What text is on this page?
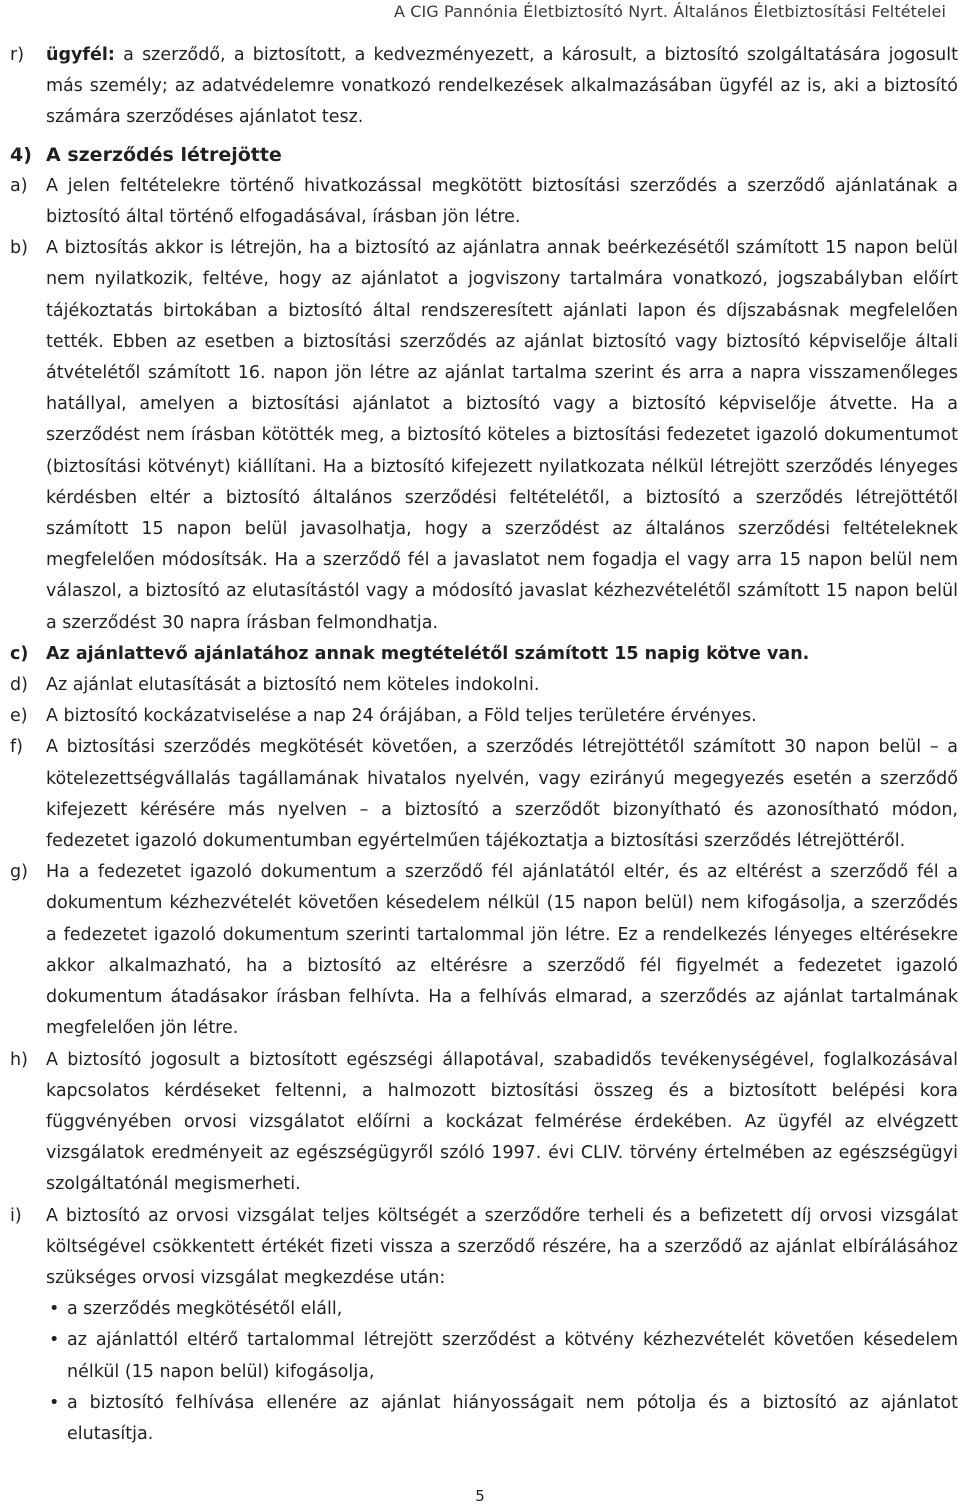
A CIG Pannónia Életbiztosító Nyrt. Általános Életbiztosítási Feltételei
r) ügyfél: a szerződő, a biztosított, a kedvezményezett, a károsult, a biztosító szolgáltatására jogosult más személy; az adatvédelemre vonatkozó rendelkezések alkalmazásában ügyfél az is, aki a biztosító számára szerződéses ajánlatot tesz.
4) A szerződés létrejötte
a) A jelen feltételekre történő hivatkozással megkötött biztosítási szerződés a szerződő ajánlatának a biztosító által történő elfogadásával, írásban jön létre.
b) A biztosítás akkor is létrejön, ha a biztosító az ajánlatra annak beérkezésétől számított 15 napon belül nem nyilatkozik, feltéve, hogy az ajánlatot a jogviszony tartalmára vonatkozó, jogszabályban előírt tájékoztatás birtokában a biztosító által rendszeresített ajánlati lapon és díjszabásnak megfelelően tették. Ebben az esetben a biztosítási szerződés az ajánlat biztosító vagy biztosító képviselője általi átvételétől számított 16. napon jön létre az ajánlat tartalma szerint és arra a napra visszamenőleges hatállyal, amelyen a biztosítási ajánlatot a biztosító vagy a biztosító képviselője átvette. Ha a szerződést nem írásban kötötték meg, a biztosító köteles a biztosítási fedezetet igazoló dokumentumot (biztosítási kötvényt) kiállítani. Ha a biztosító kifejezett nyilatkozata nélkül létrejött szerződés lényeges kérdésben eltér a biztosító általános szerződési feltételétől, a biztosító a szerződés létrejöttétől számított 15 napon belül javasolhatja, hogy a szerződést az általános szerződési feltételeknek megfelelően módosítsák. Ha a szerződő fél a javaslatot nem fogadja el vagy arra 15 napon belül nem válaszol, a biztosító az elutasítástól vagy a módosító javaslat kézhezvételétől számított 15 napon belül a szerződést 30 napra írásban felmondhatja.
c) Az ajánlattevő ajánlatához annak megtételétől számított 15 napig kötve van.
d) Az ajánlat elutasítását a biztosító nem köteles indokolni.
e) A biztosító kockázatviselése a nap 24 órájában, a Föld teljes területére érvényes.
f) A biztosítási szerződés megkötését követően, a szerződés létrejöttétől számított 30 napon belül – a kötelezettségvállalás tagállamának hivatalos nyelvén, vagy ezirányú megegyezés esetén a szerződő kifejezett kérésére más nyelven – a biztosító a szerződőt bizonyítható és azonosítható módon, fedezetet igazoló dokumentumban egyértelműen tájékoztatja a biztosítási szerződés létrejöttéről.
g) Ha a fedezetet igazoló dokumentum a szerződő fél ajánlatától eltér, és az eltérést a szerződő fél a dokumentum kézhezvételét követően késedelem nélkül (15 napon belül) nem kifogásolja, a szerződés a fedezetet igazoló dokumentum szerinti tartalommal jön létre. Ez a rendelkezés lényeges eltérésekre akkor alkalmazható, ha a biztosító az eltérésre a szerződő fél figyelmét a fedezetet igazoló dokumentum átadásakor írásban felhívta. Ha a felhívás elmarad, a szerződés az ajánlat tartalmának megfelelően jön létre.
h) A biztosító jogosult a biztosított egészségi állapotával, szabadidős tevékenységével, foglalkozásával kapcsolatos kérdéseket feltenni, a halmozott biztosítási összeg és a biztosított belépési kora függvényében orvosi vizsgálatot előírni a kockázat felmérése érdekében. Az ügyfél az elvégzett vizsgálatok eredményeit az egészségügyről szóló 1997. évi CLIV. törvény értelmében az egészségügyi szolgáltatónál megismerheti.
i) A biztosító az orvosi vizsgálat teljes költségét a szerződőre terheli és a befizetett díj orvosi vizsgálat költségével csökkentett értékét fizeti vissza a szerződő részére, ha a szerződő az ajánlat elbírálásához szükséges orvosi vizsgálat megkezdése után:
• a szerződés megkötésétől eláll,
• az ajánlattól eltérő tartalommal létrejött szerződést a kötvény kézhezvételét követően késedelem nélkül (15 napon belül) kifogásolja,
• a biztosító felhívása ellenére az ajánlat hiányosságait nem pótolja és a biztosító az ajánlatot elutasítja.
5
